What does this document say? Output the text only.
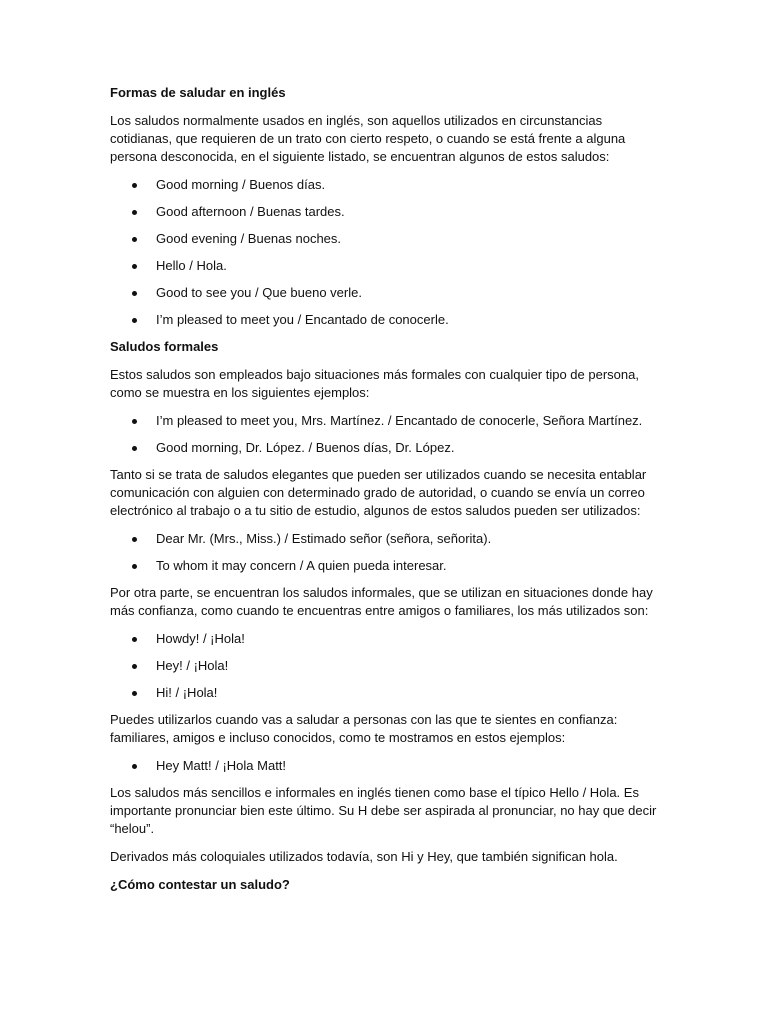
Formas de saludar en inglés

Los saludos normalmente usados en inglés, son aquellos utilizados en circunstancias cotidianas, que requieren de un trato con cierto respeto, o cuando se está frente a alguna persona desconocida, en el siguiente listado, se encuentran algunos de estos saludos:

Good morning / Buenos días.
Good afternoon / Buenas tardes.
Good evening / Buenas noches.
Hello / Hola.
Good to see you / Que bueno verle.
I’m pleased to meet you / Encantado de conocerle.
Saludos formales

Estos saludos son empleados bajo situaciones más formales con cualquier tipo de persona, como se muestra en los siguientes ejemplos:

I’m pleased to meet you, Mrs. Martínez. / Encantado de conocerle, Señora Martínez.
Good morning, Dr. López. / Buenos días, Dr. López.

Tanto si se trata de saludos elegantes que pueden ser utilizados cuando se necesita entablar comunicación con alguien con determinado grado de autoridad, o cuando se envía un correo electrónico al trabajo o a tu sitio de estudio, algunos de estos saludos pueden ser utilizados:

Dear Mr. (Mrs., Miss.) / Estimado señor (señora, señorita).
To whom it may concern / A quien pueda interesar.

Por otra parte, se encuentran los saludos informales, que se utilizan en situaciones donde hay más confianza, como cuando te encuentras entre amigos o familiares, los más utilizados son:

Howdy! / ¡Hola!
Hey! / ¡Hola!
Hi! / ¡Hola!

Puedes utilizarlos cuando vas a saludar a personas con las que te sientes en confianza: familiares, amigos e incluso conocidos, como te mostramos en estos ejemplos:

Hey Matt! / ¡Hola Matt!

Los saludos más sencillos e informales en inglés tienen como base el típico Hello / Hola. Es importante pronunciar bien este último. Su H debe ser aspirada al pronunciar, no hay que decir “helou”.

Derivados más coloquiales utilizados todavía, son Hi y Hey, que también significan hola.

¿Cómo contestar un saludo?
